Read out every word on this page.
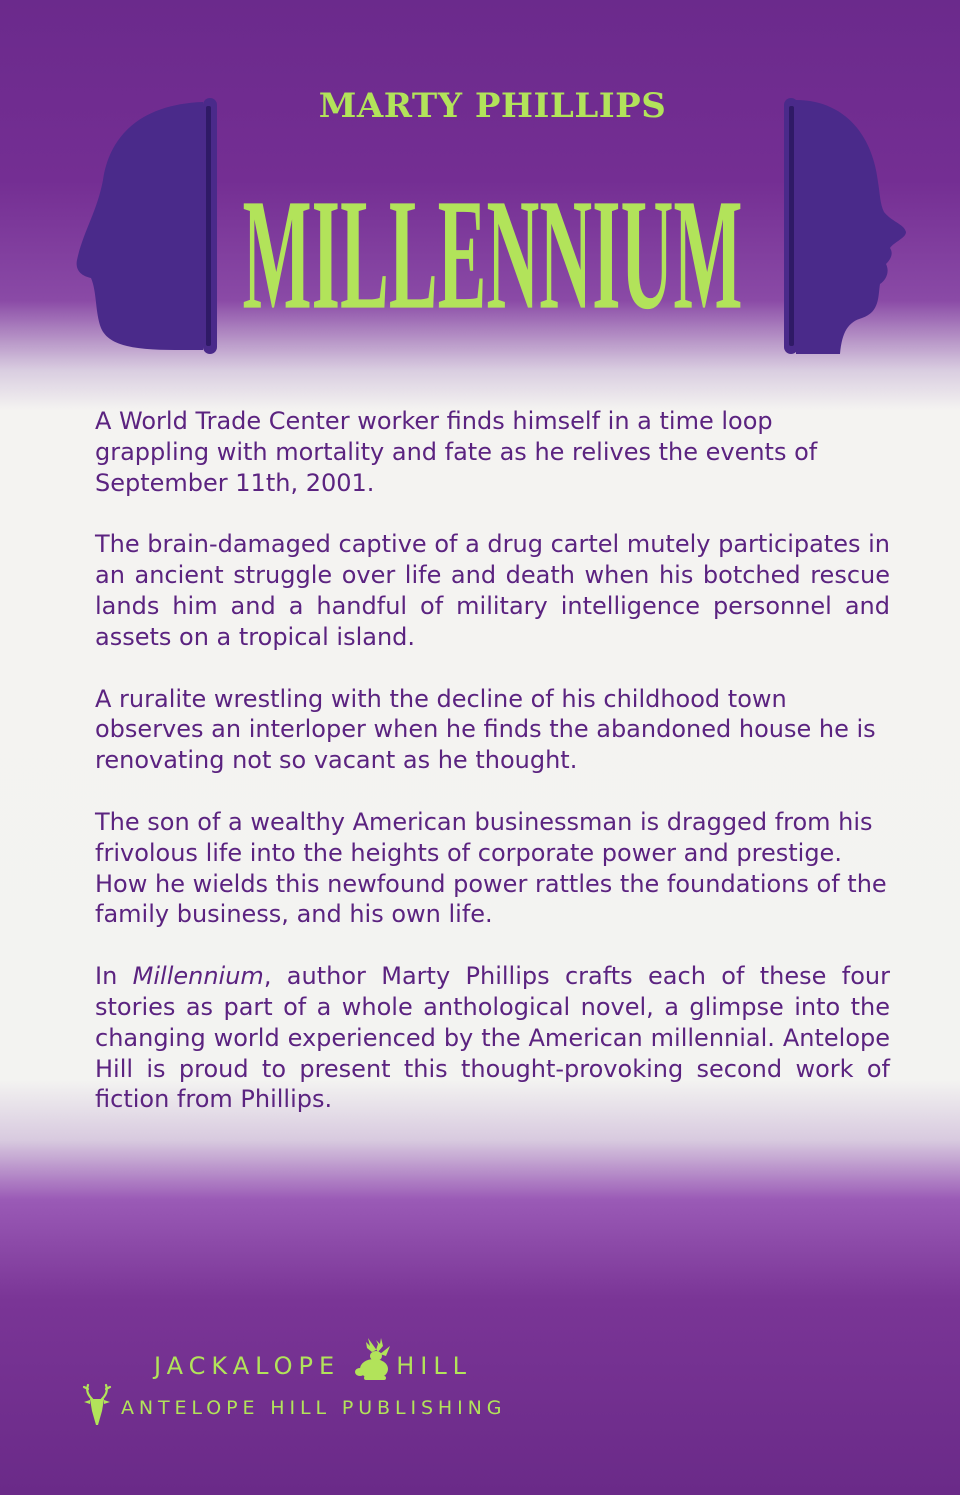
MARTY PHILLIPS
MILLENNIUM

A World Trade Center worker finds himself in a time loop grappling with mortality and fate as he relives the events of September 11th, 2001.

The brain-damaged captive of a drug cartel mutely participates in an ancient struggle over life and death when his botched rescue lands him and a handful of military intelligence personnel and assets on a tropical island.

A ruralite wrestling with the decline of his childhood town observes an interloper when he finds the abandoned house he is renovating not so vacant as he thought.

The son of a wealthy American businessman is dragged from his frivolous life into the heights of corporate power and prestige. How he wields this newfound power rattles the foundations of the family business, and his own life.

In Millennium, author Marty Phillips crafts each of these four stories as part of a whole anthological novel, a glimpse into the changing world experienced by the American millennial. Antelope Hill is proud to present this thought-provoking second work of fiction from Phillips.

JACKALOPE HILL
ANTELOPE HILL PUBLISHING
